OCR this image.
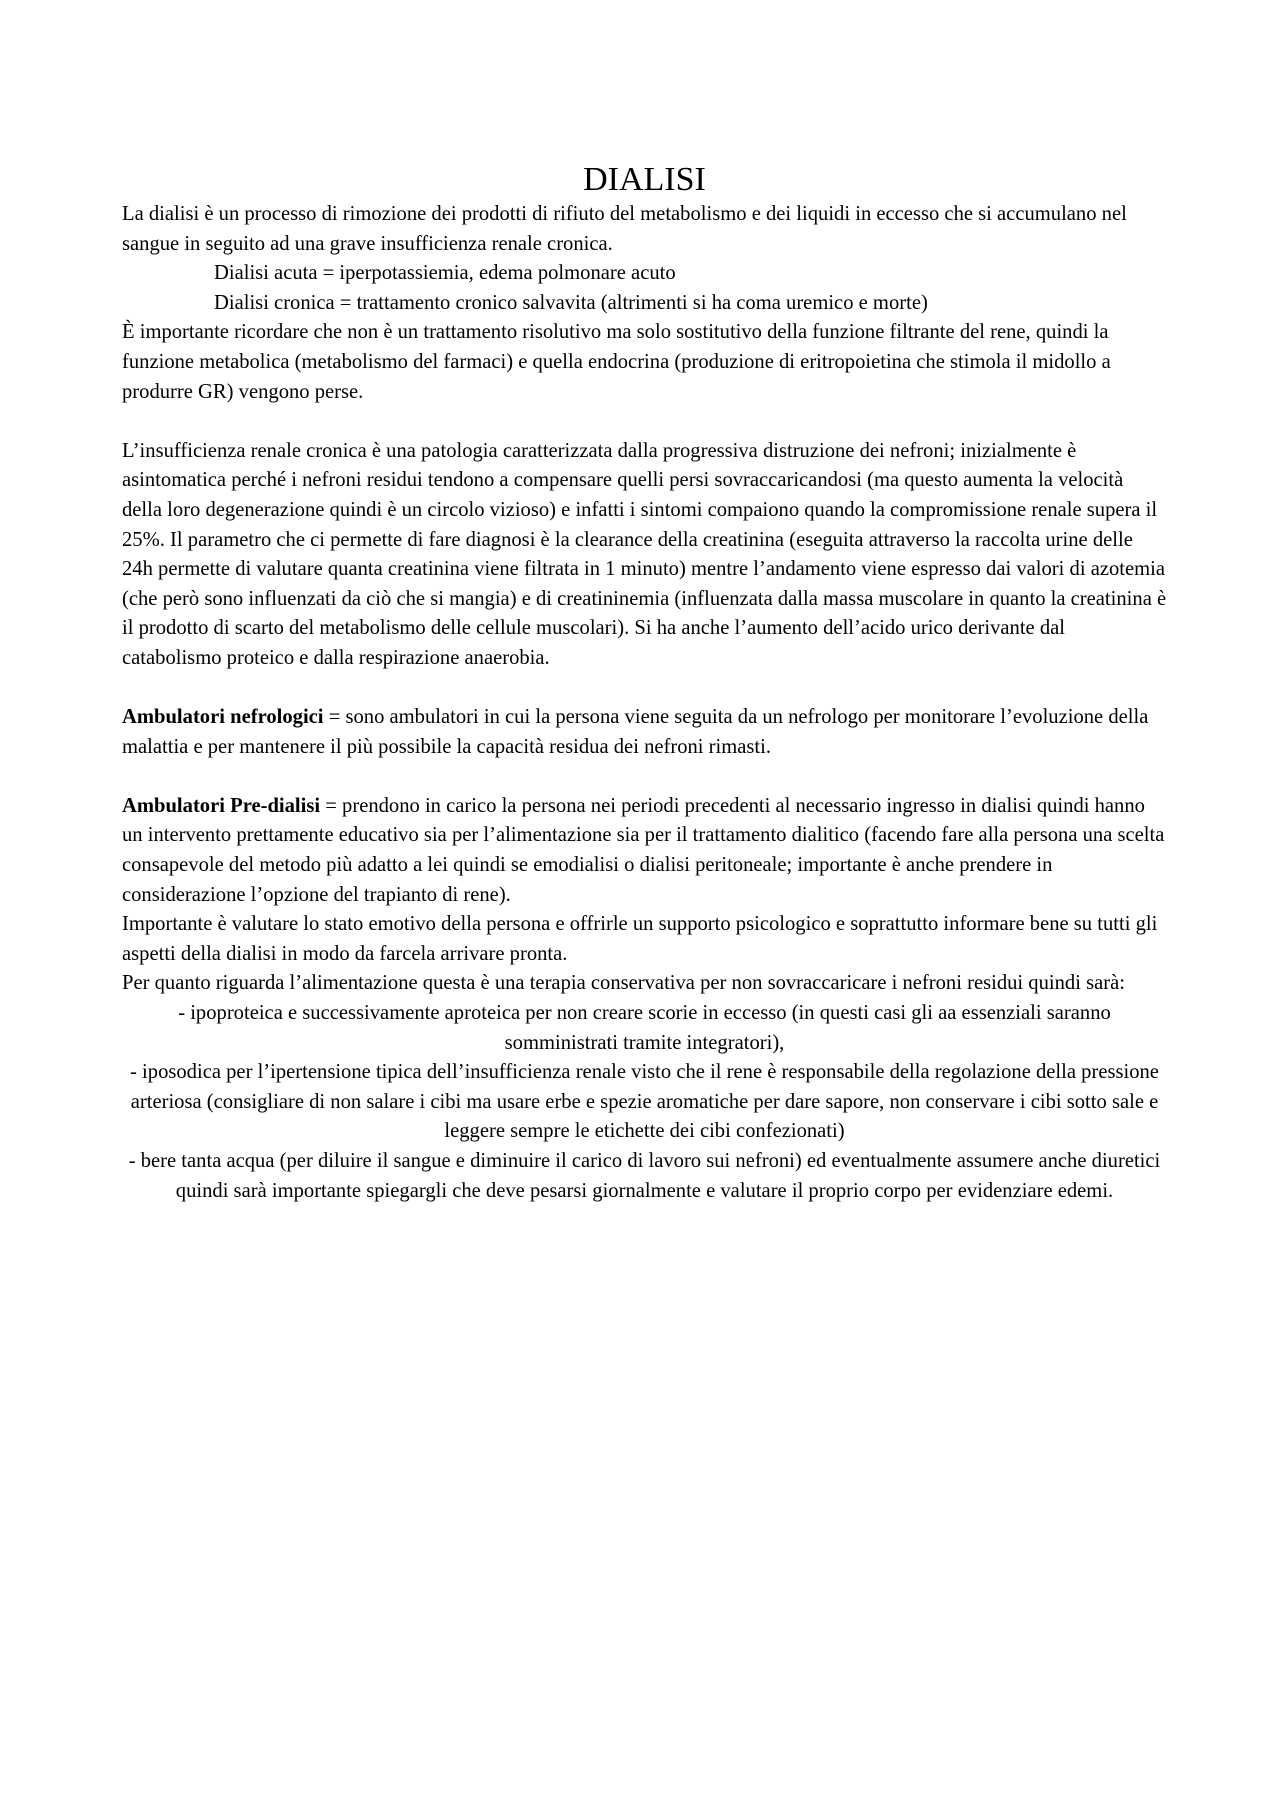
DIALISI

La dialisi è un processo di rimozione dei prodotti di rifiuto del metabolismo e dei liquidi in eccesso che si accumulano nel sangue in seguito ad una grave insufficienza renale cronica.

Dialisi acuta = iperpotassiemia, edema polmonare acuto

Dialisi cronica = trattamento cronico salvavita (altrimenti si ha coma uremico e morte)

È importante ricordare che non è un trattamento risolutivo ma solo sostitutivo della funzione filtrante del rene, quindi la funzione metabolica (metabolismo del farmaci) e quella endocrina (produzione di eritropoietina che stimola il midollo a produrre GR) vengono perse.

L’insufficienza renale cronica è una patologia caratterizzata dalla progressiva distruzione dei nefroni; inizialmente è asintomatica perché i nefroni residui tendono a compensare quelli persi sovraccaricandosi (ma questo aumenta la velocità della loro degenerazione quindi è un circolo vizioso) e infatti i sintomi compaiono quando la compromissione renale supera il 25%. Il parametro che ci permette di fare diagnosi è la clearance della creatinina (eseguita attraverso la raccolta urine delle 24h permette di valutare quanta creatinina viene filtrata in 1 minuto) mentre l’andamento viene espresso dai valori di azotemia (che però sono influenzati da ciò che si mangia) e di creatininemia (influenzata dalla massa muscolare in quanto la creatinina è il prodotto di scarto del metabolismo delle cellule muscolari). Si ha anche l’aumento dell’acido urico derivante dal catabolismo proteico e dalla respirazione anaerobia.

Ambulatori nefrologici = sono ambulatori in cui la persona viene seguita da un nefrologo per monitorare l’evoluzione della malattia e per mantenere il più possibile la capacità residua dei nefroni rimasti.

Ambulatori Pre-dialisi = prendono in carico la persona nei periodi precedenti al necessario ingresso in dialisi quindi hanno un intervento prettamente educativo sia per l’alimentazione sia per il trattamento dialitico (facendo fare alla persona una scelta consapevole del metodo più adatto a lei quindi se emodialisi o dialisi peritoneale; importante è anche prendere in considerazione l’opzione del trapianto di rene).

Importante è valutare lo stato emotivo della persona e offrirle un supporto psicologico e soprattutto informare bene su tutti gli aspetti della dialisi in modo da farcela arrivare pronta.

Per quanto riguarda l’alimentazione questa è una terapia conservativa per non sovraccaricare i nefroni residui quindi sarà:

- ipoproteica e successivamente aproteica per non creare scorie in eccesso (in questi casi gli aa essenziali saranno somministrati tramite integratori),

- iposodica per l’ipertensione tipica dell’insufficienza renale visto che il rene è responsabile della regolazione della pressione arteriosa (consigliare di non salare i cibi ma usare erbe e spezie aromatiche per dare sapore, non conservare i cibi sotto sale e leggere sempre le etichette dei cibi confezionati)

- bere tanta acqua (per diluire il sangue e diminuire il carico di lavoro sui nefroni) ed eventualmente assumere anche diuretici quindi sarà importante spiegargli che deve pesarsi giornalmente e valutare il proprio corpo per evidenziare edemi.
